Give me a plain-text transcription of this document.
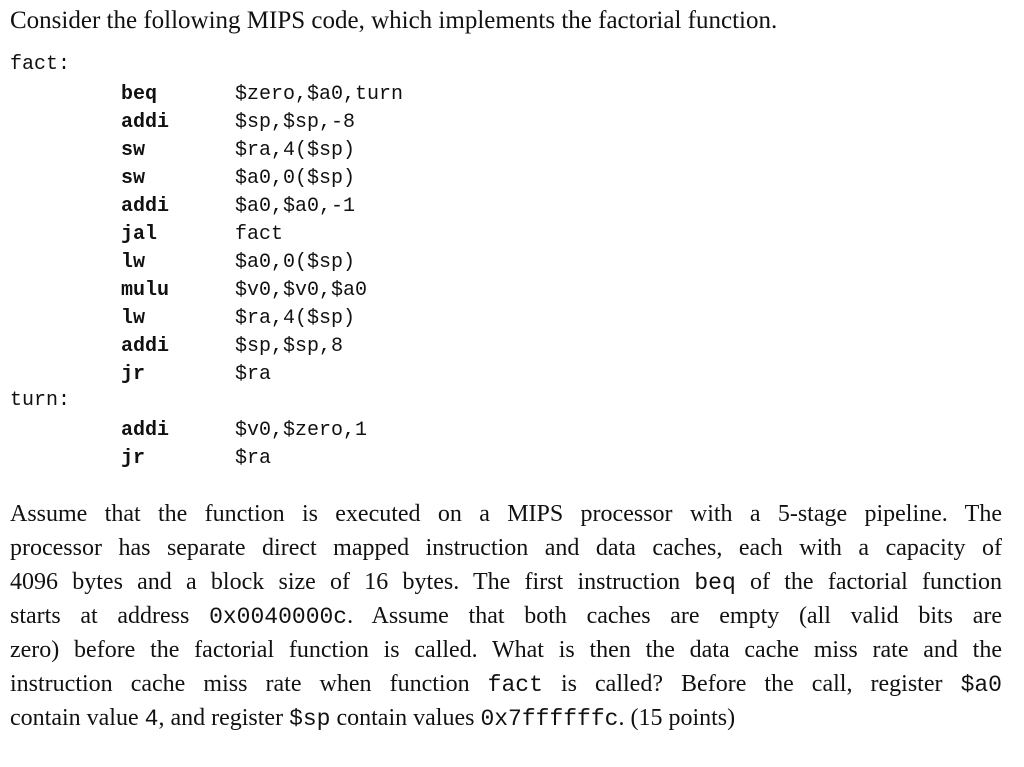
Consider the following MIPS code, which implements the factorial function.
fact:
beq	$zero,$a0,turn
addi	$sp,$sp,-8
sw	$ra,4($sp)
sw	$a0,0($sp)
addi	$a0,$a0,-1
jal	fact
lw	$a0,0($sp)
mulu	$v0,$v0,$a0
lw	$ra,4($sp)
addi	$sp,$sp,8
jr	$ra
turn:
addi	$v0,$zero,1
jr	$ra
Assume that the function is executed on a MIPS processor with a 5-stage pipeline. The
processor has separate direct mapped instruction and data caches, each with a capacity of
4096 bytes and a block size of 16 bytes. The first instruction beq of the factorial function
starts at address 0x0040000c. Assume that both caches are empty (all valid bits are
zero) before the factorial function is called. What is then the data cache miss rate and the
instruction cache miss rate when function fact is called? Before the call, register $a0
contain value 4, and register $sp contain values 0x7ffffffc. (15 points)
